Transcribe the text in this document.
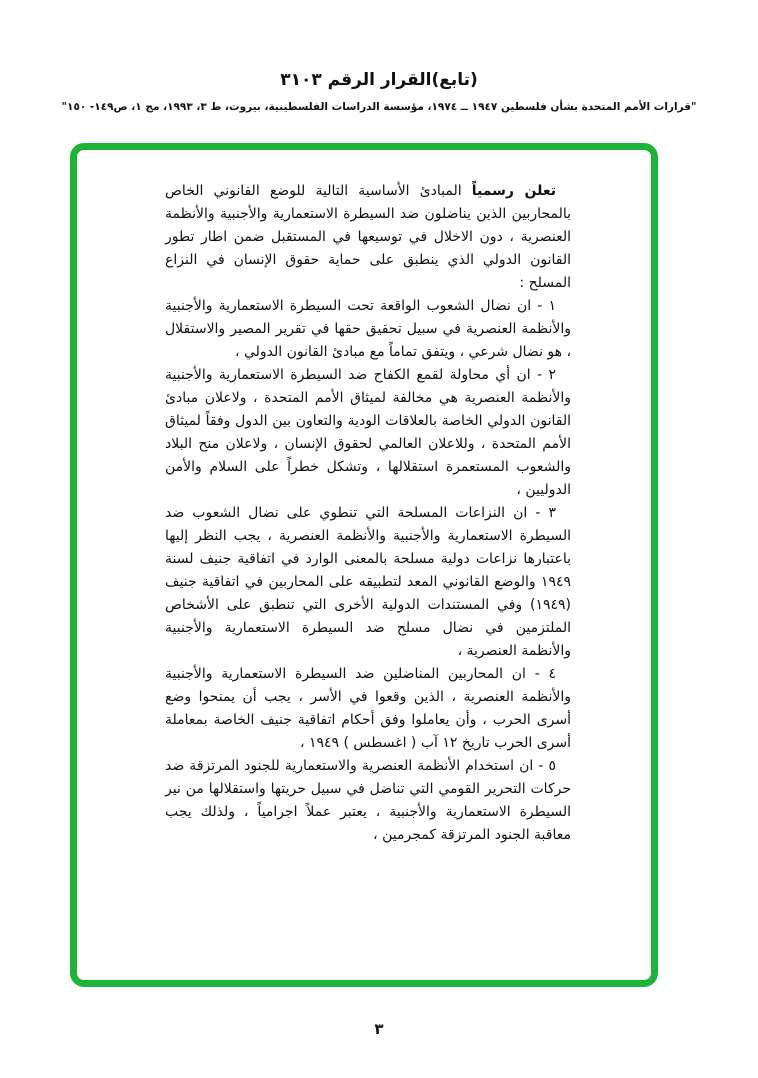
(تابع)القرار الرقم ٣١٠٣
"قرارات الأمم المتحدة بشأن فلسطين ١٩٤٧ ــ ١٩٧٤، مؤسسة الدراسات الفلسطينية، بيروت، ط ٣، ١٩٩٣، مج ١، ص١٤٩- ١٥٠"

تعلن رسمياً المبادئ الأساسية التالية للوضع القانوني الخاص بالمحاربين الذين يناضلون ضد السيطرة الاستعمارية والأجنبية والأنظمة العنصرية ، دون الاخلال في توسيعها في المستقبل ضمن اطار تطور القانون الدولي الذي ينطبق على حماية حقوق الإنسان في النزاع المسلح :

١ - ان نضال الشعوب الواقعة تحت السيطرة الاستعمارية والأجنبية والأنظمة العنصرية في سبيل تحقيق حقها في تقرير المصير والاستقلال ، هو نضال شرعي ، ويتفق تماماً مع مبادئ القانون الدولي ،

٢ - ان أي محاولة لقمع الكفاح ضد السيطرة الاستعمارية والأجنبية والأنظمة العنصرية هي مخالفة لميثاق الأمم المتحدة ، ولاعلان مبادئ القانون الدولي الخاصة بالعلاقات الودية والتعاون بين الدول وفقاً لميثاق الأمم المتحدة ، وللاعلان العالمي لحقوق الإنسان ، ولاعلان منح البلاد والشعوب المستعمرة استقلالها ، وتشكل خطراً على السلام والأمن الدوليين ،

٣ - ان النزاعات المسلحة التي تنطوي على نضال الشعوب ضد السيطرة الاستعمارية والأجنبية والأنظمة العنصرية ، يجب النظر إليها باعتبارها نزاعات دولية مسلحة بالمعنى الوارد في اتفاقية جنيف لسنة ١٩٤٩ والوضع القانوني المعد لتطبيقه على المحاربين في اتفاقية جنيف (١٩٤٩) وفي المستندات الدولية الأخرى التي تنطبق على الأشخاص الملتزمين في نضال مسلح ضد السيطرة الاستعمارية والأجنبية والأنظمة العنصرية ،

٤ - ان المحاربين المناضلين ضد السيطرة الاستعمارية والأجنبية والأنظمة العنصرية ، الذين وقعوا في الأسر ، يجب أن يمنحوا وضع أسرى الحرب ، وأن يعاملوا وفق أحكام اتفاقية جنيف الخاصة بمعاملة أسرى الحرب تاريخ ١٢ آب ( اغسطس ) ١٩٤٩ ،

٥ - ان استخدام الأنظمة العنصرية والاستعمارية للجنود المرتزقة ضد حركات التحرير القومي التي تناضل في سبيل حريتها واستقلالها من نير السيطرة الاستعمارية والأجنبية ، يعتبر عملاً اجرامياً ، ولذلك يجب معاقبة الجنود المرتزقة كمجرمين ،

٣
